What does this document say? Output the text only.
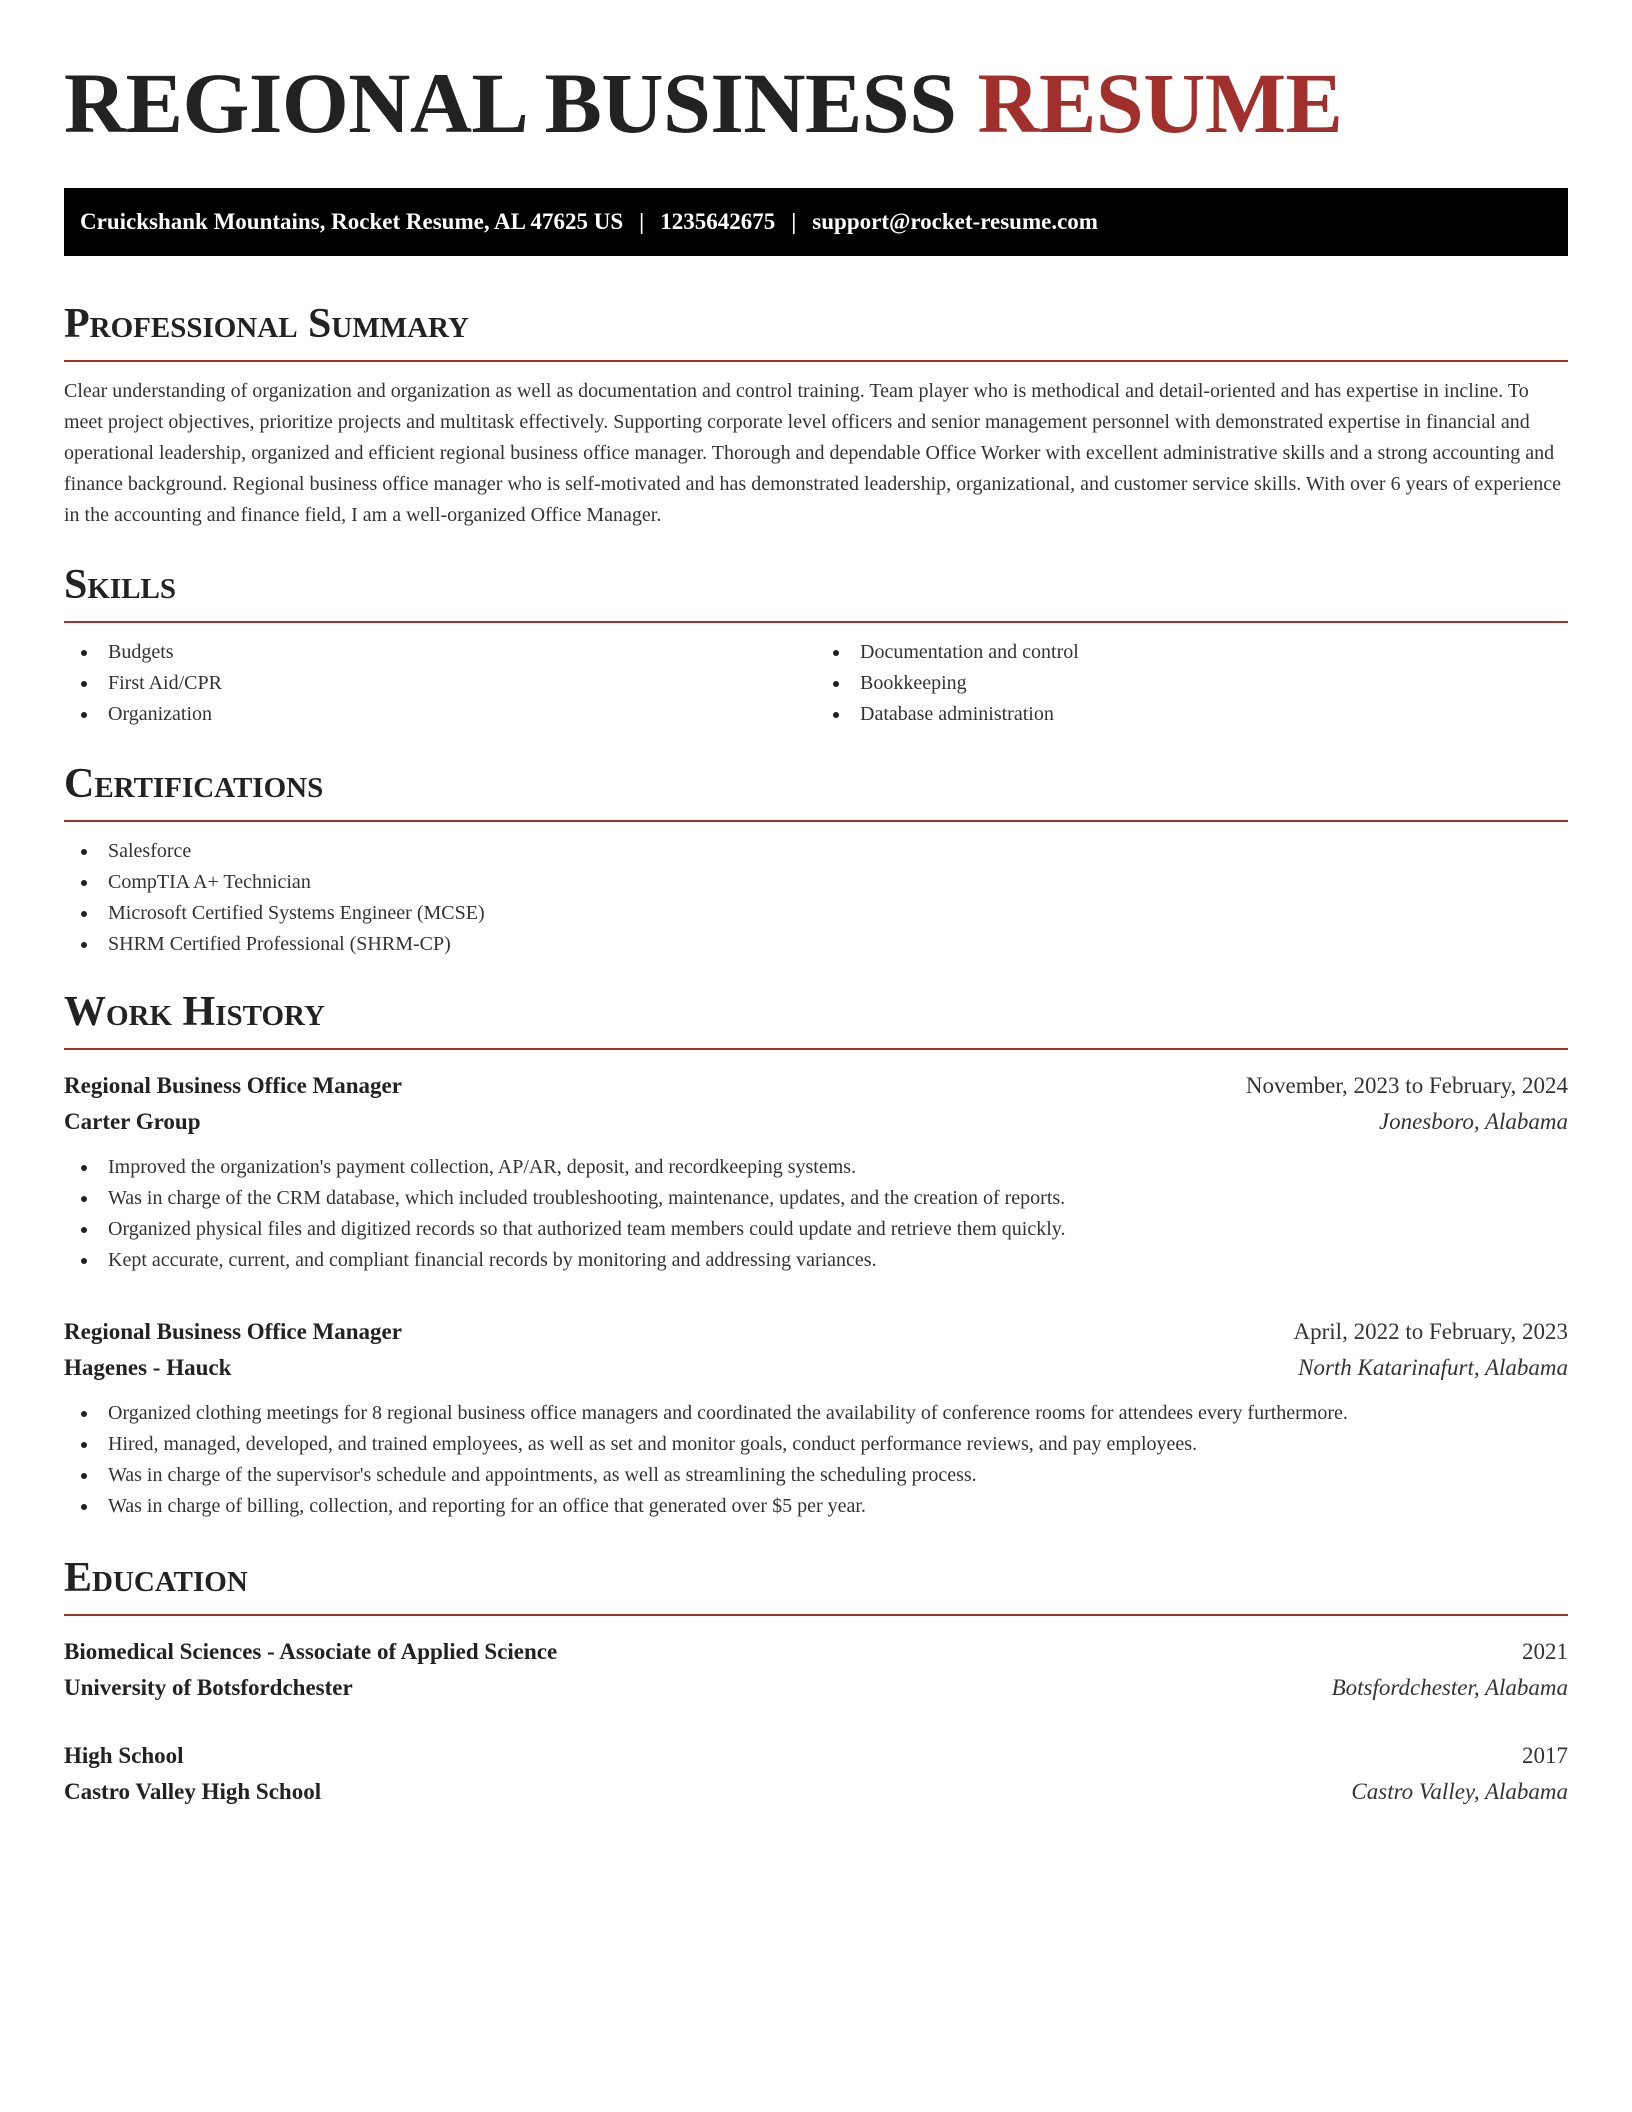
REGIONAL BUSINESS RESUME
Cruickshank Mountains, Rocket Resume, AL 47625 US | 1235642675 | support@rocket-resume.com
Professional Summary

Clear understanding of organization and organization as well as documentation and control training. Team player who is methodical and detail-oriented and has expertise in incline. To meet project objectives, prioritize projects and multitask effectively. Supporting corporate level officers and senior management personnel with demonstrated expertise in financial and operational leadership, organized and efficient regional business office manager. Thorough and dependable Office Worker with excellent administrative skills and a strong accounting and finance background. Regional business office manager who is self-motivated and has demonstrated leadership, organizational, and customer service skills. With over 6 years of experience in the accounting and finance field, I am a well-organized Office Manager.

Skills
Budgets
First Aid/CPR
Organization
Documentation and control
Bookkeeping
Database administration
Certifications
Salesforce
CompTIA A+ Technician
Microsoft Certified Systems Engineer (MCSE)
SHRM Certified Professional (SHRM-CP)
Work History
Regional Business Office Manager	November, 2023 to February, 2024
Carter Group	Jonesboro, Alabama
Improved the organization's payment collection, AP/AR, deposit, and recordkeeping systems.
Was in charge of the CRM database, which included troubleshooting, maintenance, updates, and the creation of reports.
Organized physical files and digitized records so that authorized team members could update and retrieve them quickly.
Kept accurate, current, and compliant financial records by monitoring and addressing variances.
Regional Business Office Manager	April, 2022 to February, 2023
Hagenes - Hauck	North Katarinafurt, Alabama
Organized clothing meetings for 8 regional business office managers and coordinated the availability of conference rooms for attendees every furthermore.
Hired, managed, developed, and trained employees, as well as set and monitor goals, conduct performance reviews, and pay employees.
Was in charge of the supervisor's schedule and appointments, as well as streamlining the scheduling process.
Was in charge of billing, collection, and reporting for an office that generated over $5 per year.
Education
Biomedical Sciences - Associate of Applied Science	2021
University of Botsfordchester	Botsfordchester, Alabama
High School	2017
Castro Valley High School	Castro Valley, Alabama
